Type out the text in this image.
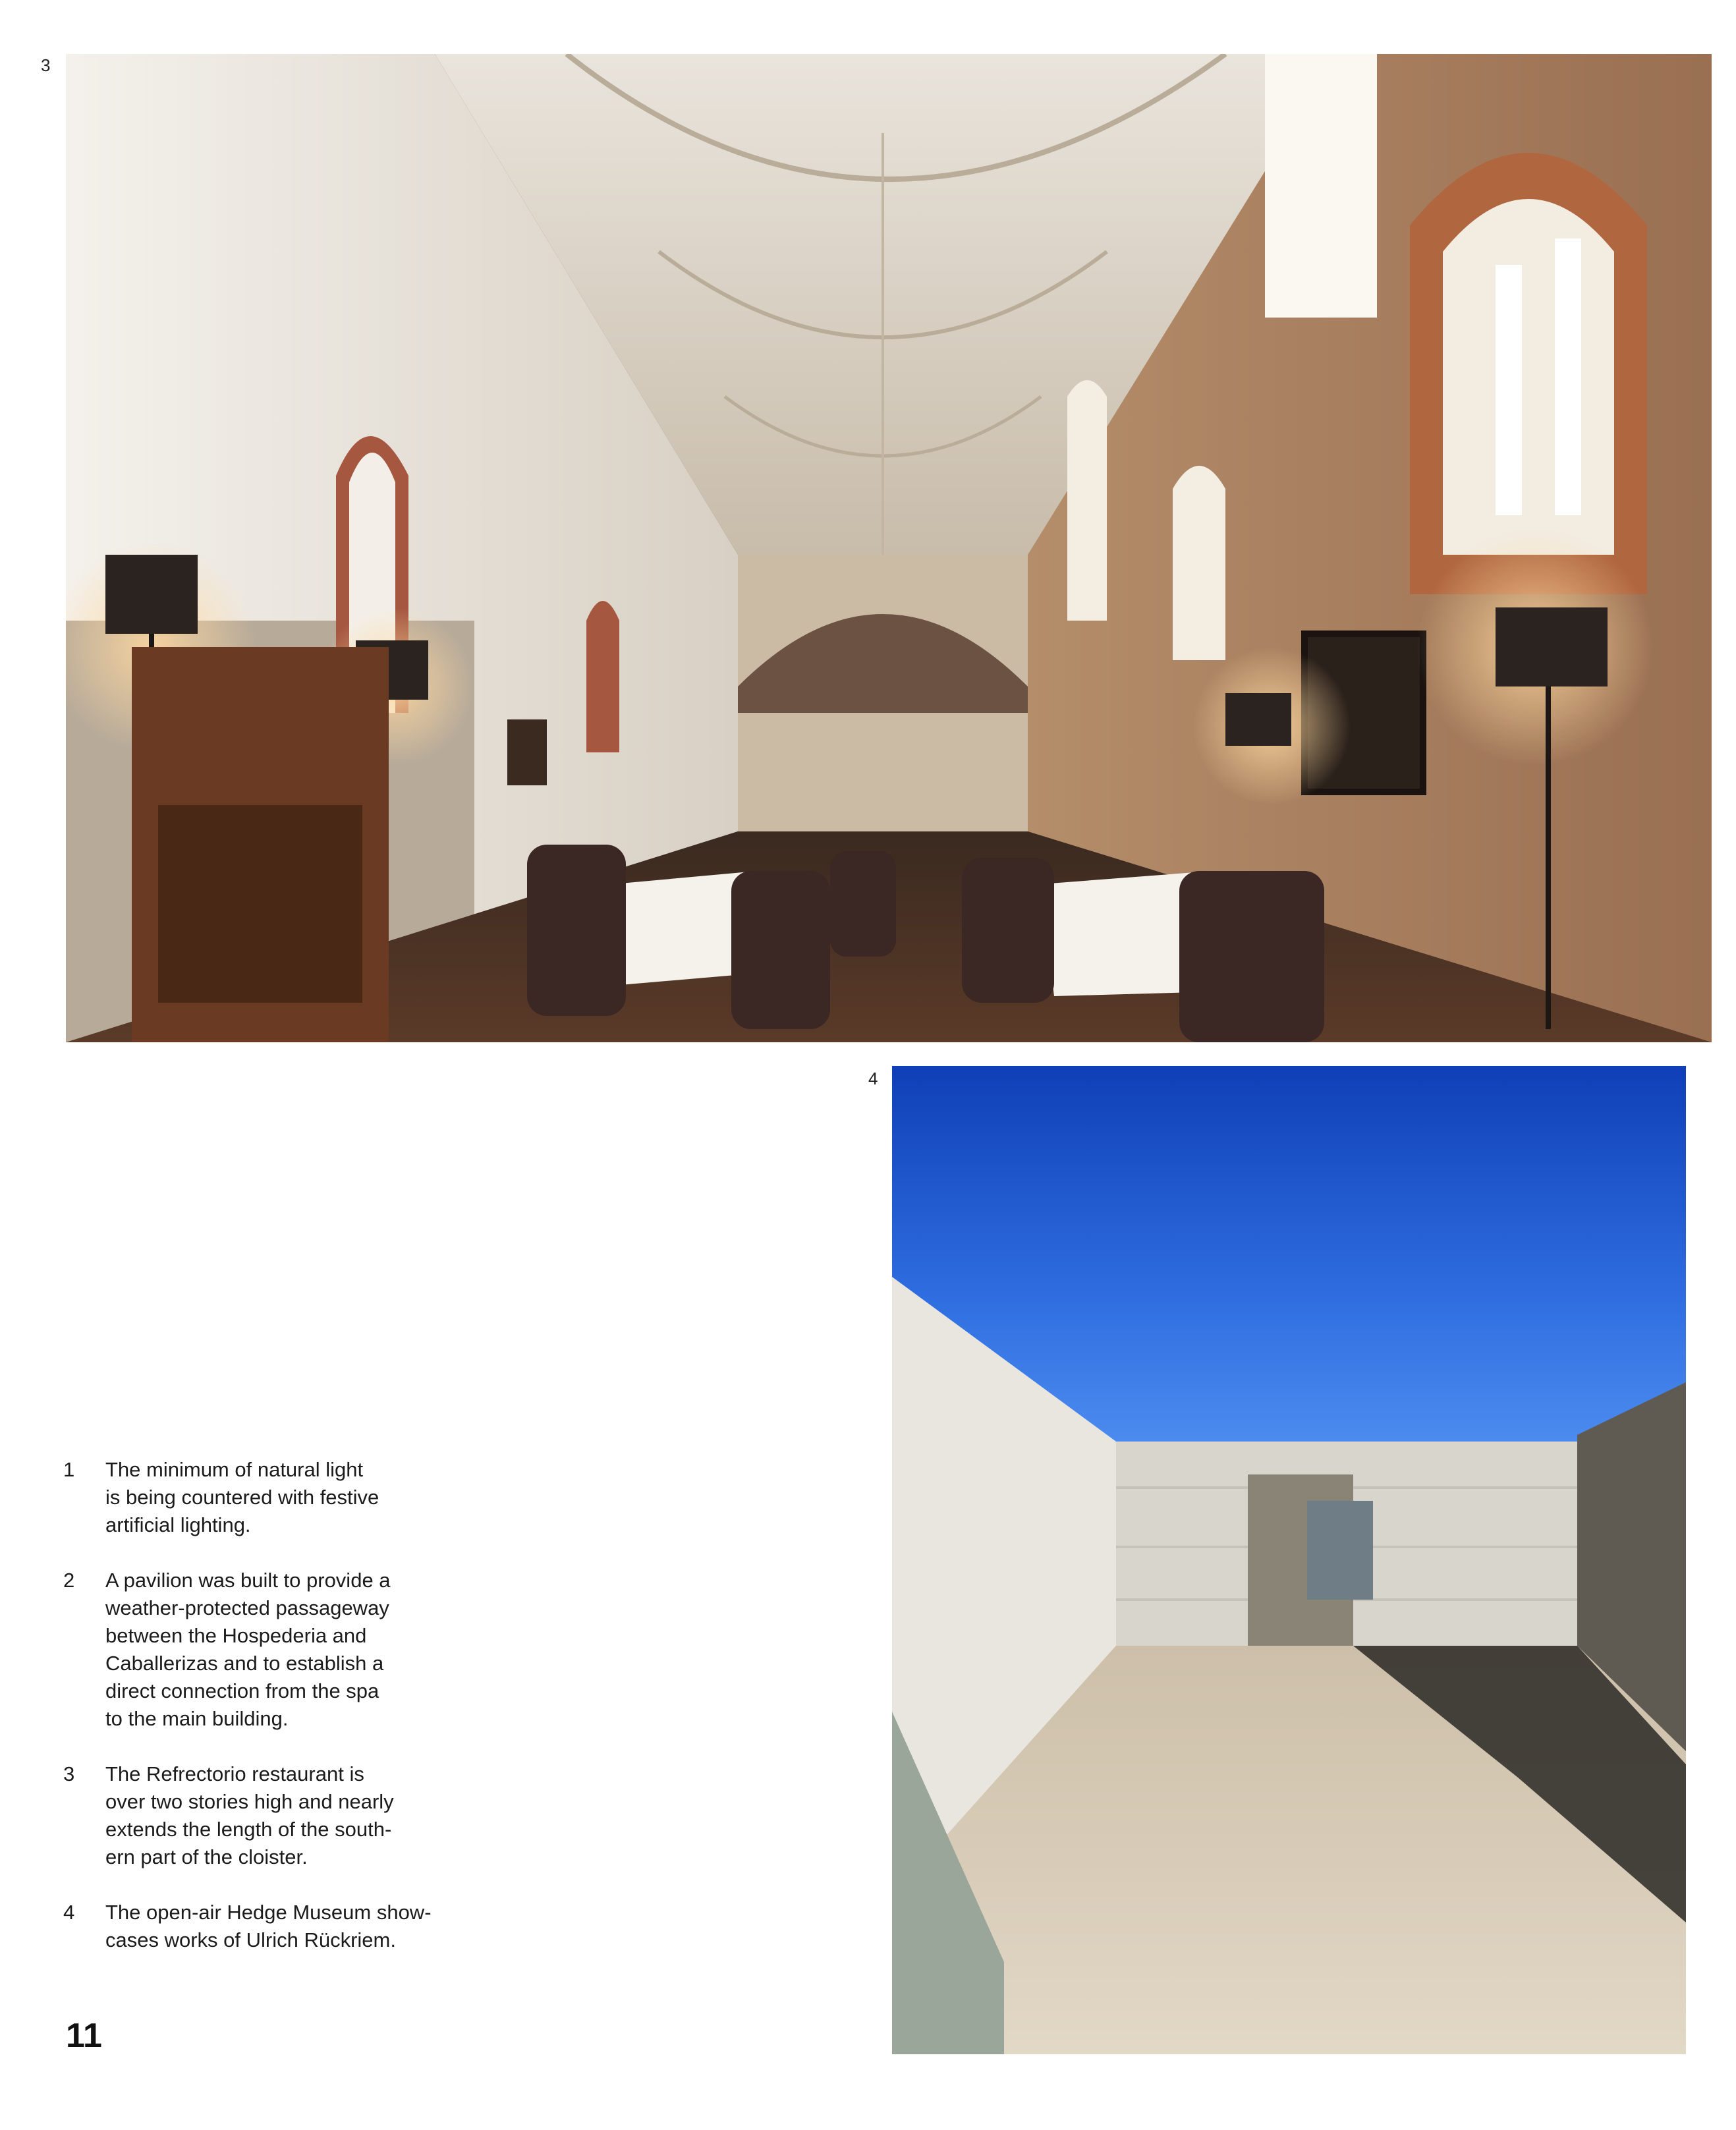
3
4
1	The minimum of natural light
is being countered with festive
artificial lighting.
2	A pavilion was built to provide a
weather-protected passageway
between the Hospederia and
Caballerizas and to establish a
direct connection from the spa
to the main building.
3	The Refrectorio restaurant is
over two stories high and nearly
extends the length of the south-
ern part of the cloister.
4	The open-air Hedge Museum show-
cases works of Ulrich Rückriem.
11
